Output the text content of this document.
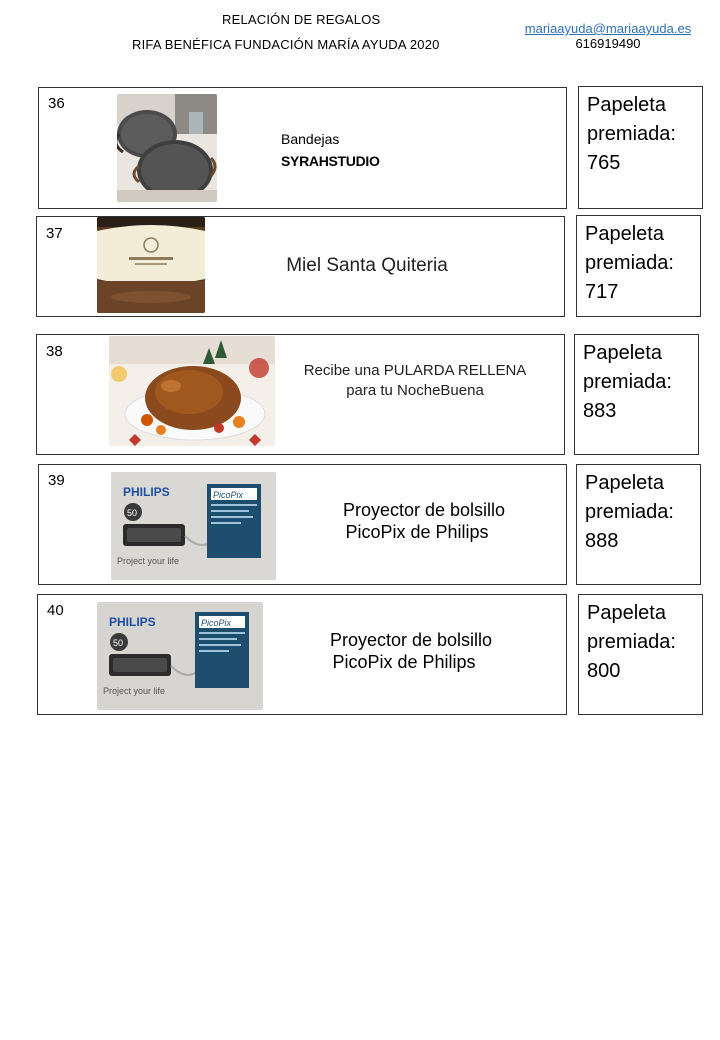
RELACIÓN DE REGALOS
RIFA BENÉFICA FUNDACIÓN MARÍA AYUDA 2020
mariaayuda@mariaayuda.es
616919490
36
Bandejas
SYRAHSTUDIO
Papeleta
premiada:
765
37
Miel Santa Quiteria
Papeleta
premiada:
717
38
Recibe una PULARDA RELLENA
para tu NocheBuena
Papeleta
premiada:
883
39
PHILIPS
50
PicoPix
Project your life
Proyector de bolsillo
PicoPix de Philips
Papeleta
premiada:
888
40
PHILIPS
50
PicoPix
Project your life
Proyector de bolsillo
PicoPix de Philips
Papeleta
premiada:
800
